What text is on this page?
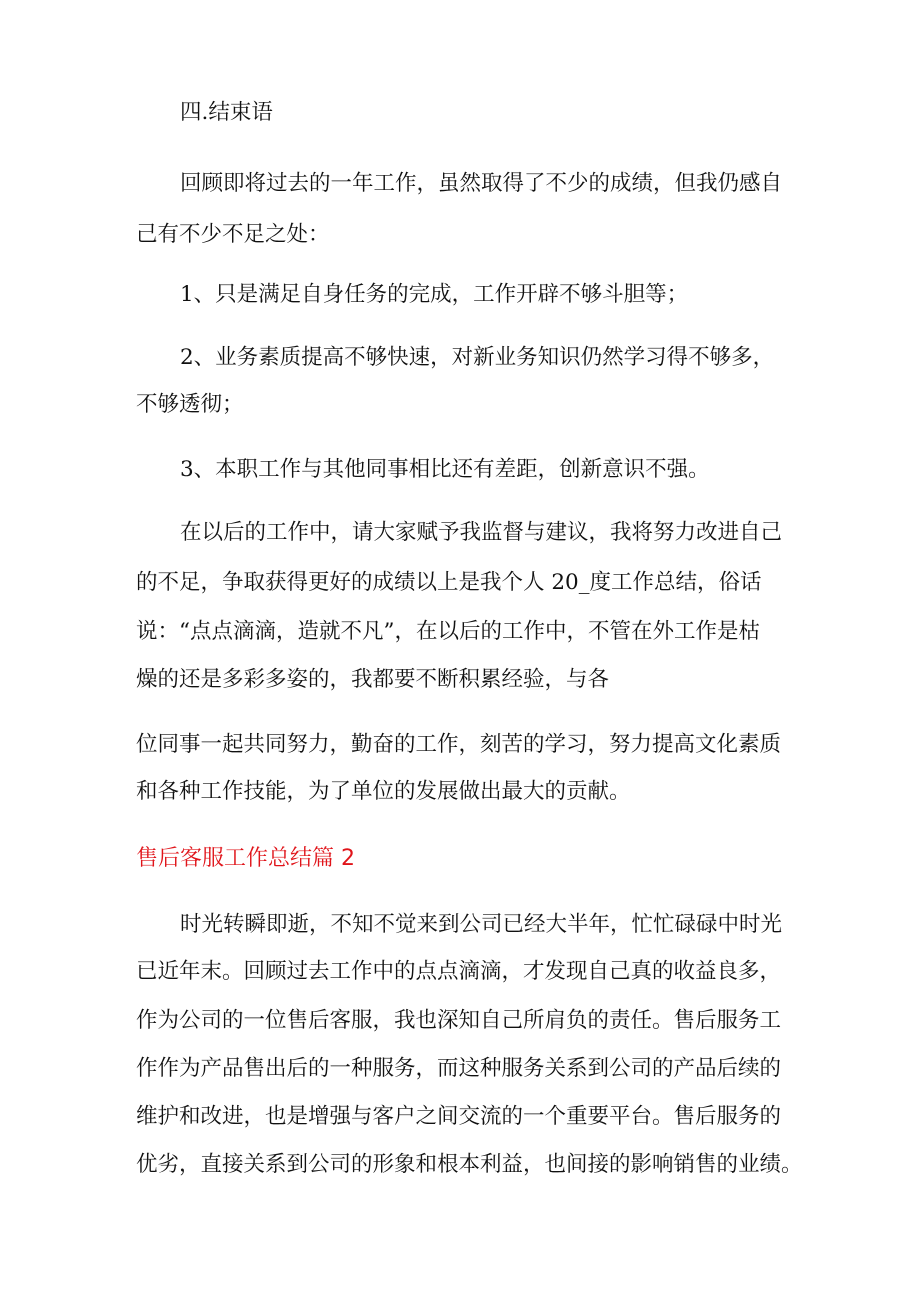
四.结束语
回顾即将过去的一年工作，虽然取得了不少的成绩，但我仍感自
己有不少不足之处：
1、只是满足自身任务的完成，工作开辟不够斗胆等；
2、业务素质提高不够快速，对新业务知识仍然学习得不够多，
不够透彻；
3、本职工作与其他同事相比还有差距，创新意识不强。
在以后的工作中，请大家赋予我监督与建议，我将努力改进自己
的不足，争取获得更好的成绩以上是我个人 20_度工作总结，俗话
说：“点点滴滴，造就不凡”，在以后的工作中，不管在外工作是枯
燥的还是多彩多姿的，我都要不断积累经验，与各
位同事一起共同努力，勤奋的工作，刻苦的学习，努力提高文化素质
和各种工作技能，为了单位的发展做出最大的贡献。
售后客服工作总结篇 2
时光转瞬即逝，不知不觉来到公司已经大半年，忙忙碌碌中时光
已近年末。回顾过去工作中的点点滴滴，才发现自己真的收益良多，
作为公司的一位售后客服，我也深知自己所肩负的责任。售后服务工
作作为产品售出后的一种服务，而这种服务关系到公司的产品后续的
维护和改进，也是增强与客户之间交流的一个重要平台。售后服务的
优劣，直接关系到公司的形象和根本利益，也间接的影响销售的业绩。
